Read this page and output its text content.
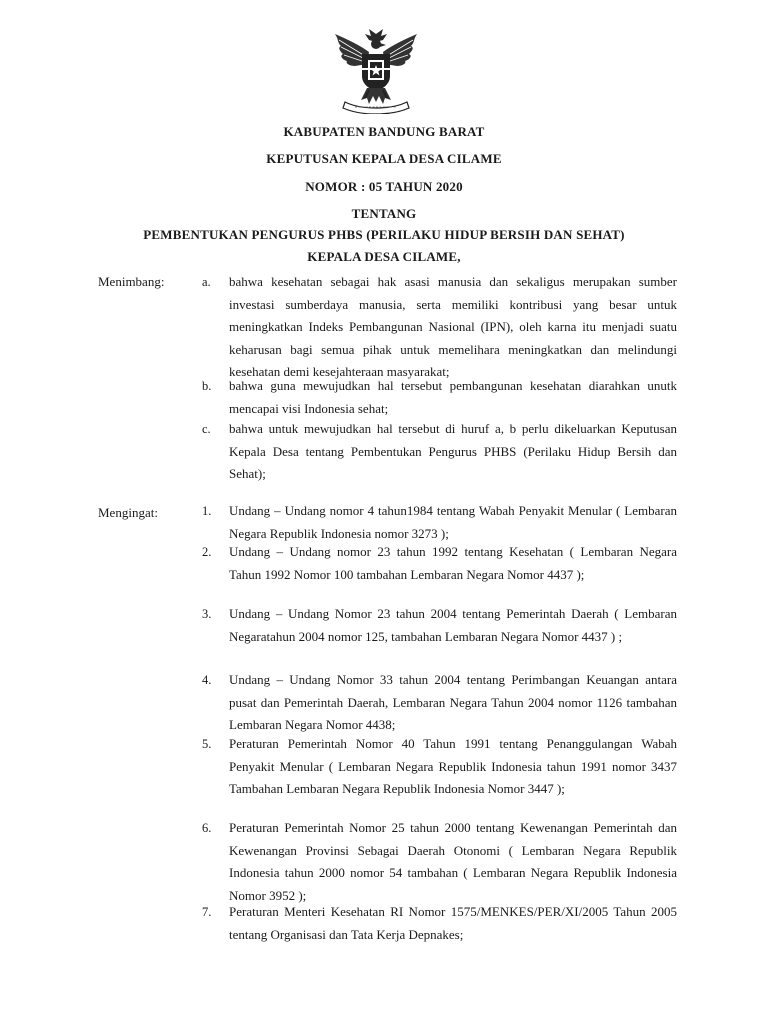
KABUPATEN BANDUNG BARAT
KEPUTUSAN KEPALA DESA CILAME
NOMOR : 05 TAHUN 2020
TENTANG
PEMBENTUKAN PENGURUS PHBS (PERILAKU HIDUP BERSIH DAN SEHAT)
KEPALA DESA CILAME,
Menimbang:	a. bahwa kesehatan sebagai hak asasi manusia dan sekaligus merupakan sumber investasi sumberdaya manusia, serta memiliki kontribusi yang besar untuk meningkatkan Indeks Pembangunan Nasional (IPN), oleh karna itu menjadi suatu keharusan bagi semua pihak untuk memelihara meningkatkan dan melindungi kesehatan demi kesejahteraan masyarakat;
b. bahwa guna mewujudkan hal tersebut pembangunan kesehatan diarahkan unutk mencapai visi Indonesia sehat;
c. bahwa untuk mewujudkan hal tersebut di huruf a, b perlu dikeluarkan Keputusan Kepala Desa tentang Pembentukan Pengurus PHBS (Perilaku Hidup Bersih dan Sehat);
Mengingat:	1. Undang – Undang nomor 4 tahun1984 tentang Wabah Penyakit Menular ( Lembaran Negara Republik Indonesia nomor 3273 );
2. Undang – Undang nomor 23 tahun 1992 tentang Kesehatan ( Lembaran Negara Tahun 1992 Nomor 100 tambahan Lembaran Negara Nomor 4437 );
3. Undang – Undang Nomor 23 tahun 2004 tentang Pemerintah Daerah ( Lembaran Negaratahun 2004 nomor 125, tambahan Lembaran Negara Nomor 4437 ) ;
4. Undang – Undang Nomor 33 tahun 2004 tentang Perimbangan Keuangan antara pusat dan Pemerintah Daerah, Lembaran Negara Tahun 2004 nomor 1126 tambahan Lembaran Negara Nomor 4438;
5. Peraturan Pemerintah Nomor 40 Tahun 1991 tentang Penanggulangan Wabah Penyakit Menular ( Lembaran Negara Republik Indonesia tahun 1991 nomor 3437 Tambahan Lembaran Negara Republik Indonesia Nomor 3447 );
6. Peraturan Pemerintah Nomor 25 tahun 2000 tentang Kewenangan Pemerintah dan Kewenangan Provinsi Sebagai Daerah Otonomi ( Lembaran Negara Republik Indonesia tahun 2000 nomor 54 tambahan ( Lembaran Negara Republik Indonesia Nomor 3952 );
7. Peraturan Menteri Kesehatan RI Nomor 1575/MENKES/PER/XI/2005 Tahun 2005 tentang Organisasi dan Tata Kerja Depnakes;
